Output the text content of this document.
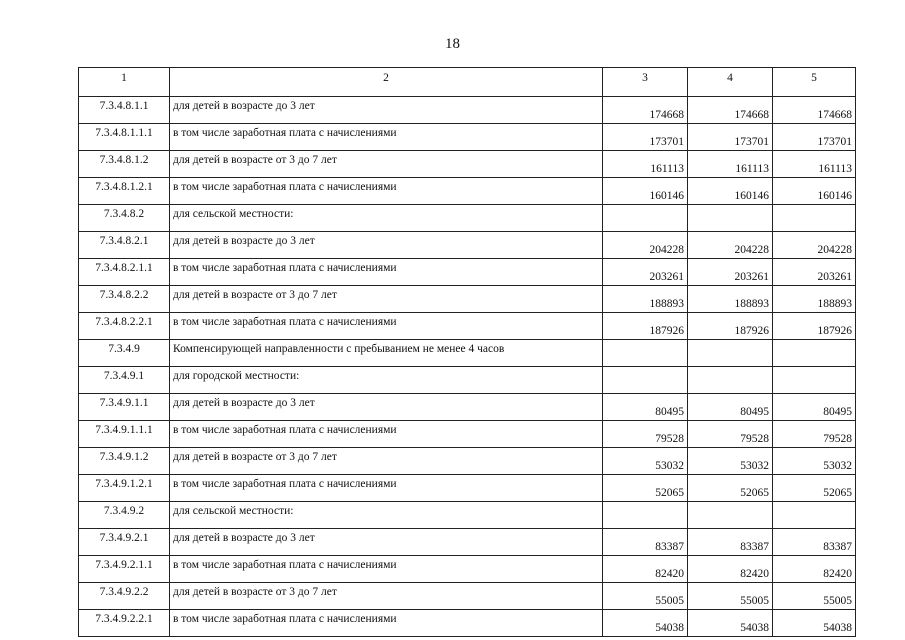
18
1	2	3	4	5
7.3.4.8.1.1	для детей в возрасте до 3 лет	174668	174668	174668
7.3.4.8.1.1.1	в том числе заработная плата с начислениями	173701	173701	173701
7.3.4.8.1.2	для детей в возрасте от 3 до 7 лет	161113	161113	161113
7.3.4.8.1.2.1	в том числе заработная плата с начислениями	160146	160146	160146
7.3.4.8.2	для сельской местности:			
7.3.4.8.2.1	для детей в возрасте до 3 лет	204228	204228	204228
7.3.4.8.2.1.1	в том числе заработная плата с начислениями	203261	203261	203261
7.3.4.8.2.2	для детей в возрасте от 3 до 7 лет	188893	188893	188893
7.3.4.8.2.2.1	в том числе заработная плата с начислениями	187926	187926	187926
7.3.4.9	Компенсирующей направленности с пребыванием не менее 4 часов			
7.3.4.9.1	для городской местности:			
7.3.4.9.1.1	для детей в возрасте до 3 лет	80495	80495	80495
7.3.4.9.1.1.1	в том числе заработная плата с начислениями	79528	79528	79528
7.3.4.9.1.2	для детей в возрасте от 3 до 7 лет	53032	53032	53032
7.3.4.9.1.2.1	в том числе заработная плата с начислениями	52065	52065	52065
7.3.4.9.2	для сельской местности:			
7.3.4.9.2.1	для детей в возрасте до 3 лет	83387	83387	83387
7.3.4.9.2.1.1	в том числе заработная плата с начислениями	82420	82420	82420
7.3.4.9.2.2	для детей в возрасте от 3 до 7 лет	55005	55005	55005
7.3.4.9.2.2.1	в том числе заработная плата с начислениями	54038	54038	54038
